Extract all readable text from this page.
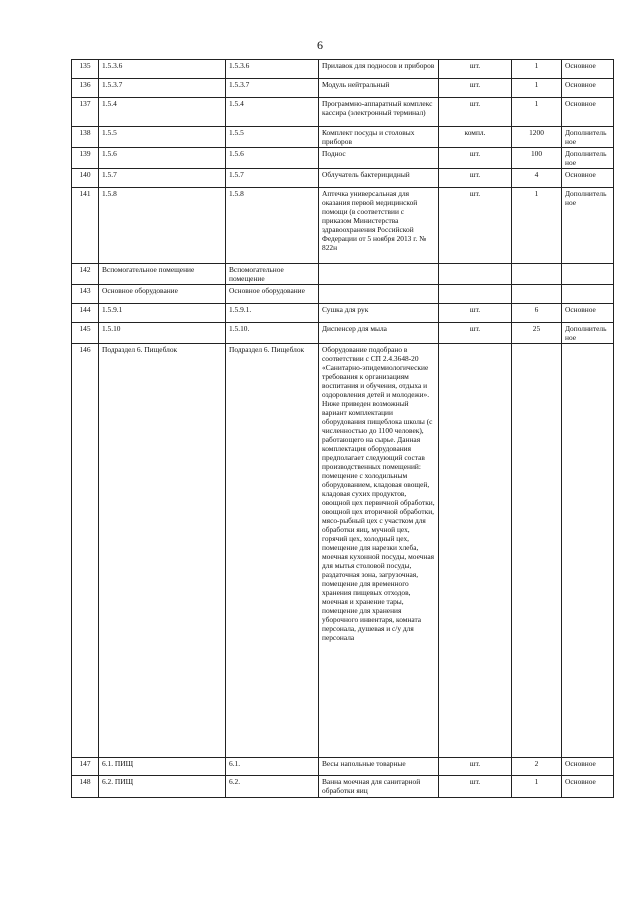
6
135	1.5.3.6	1.5.3.6	Прилавок для подносов и приборов	шт.	1	Основное
136	1.5.3.7	1.5.3.7	Модуль нейтральный	шт.	1	Основное
137	1.5.4	1.5.4	Программно-аппаратный комплекс кассира (электронный терминал)	шт.	1	Основное
138	1.5.5	1.5.5	Комплект посуды и столовых приборов	компл.	1200	Дополнительное
139	1.5.6	1.5.6	Поднос	шт.	100	Дополнительное
140	1.5.7	1.5.7	Облучатель бактерицидный	шт.	4	Основное
141	1.5.8	1.5.8	Аптечка универсальная для оказания первой медицинской помощи (в соответствии с приказом Министерства здравоохранения Российской Федерации от 5 ноября 2013 г. № 822н	шт.	1	Дополнительное
142	Вспомогательное помещение	Вспомогательное помещение				
143	Основное оборудование	Основное оборудование				
144	1.5.9.1	1.5.9.1.	Сушка для рук	шт.	6	Основное
145	1.5.10	1.5.10.	Диспенсер для мыла	шт.	25	Дополнительное
146	Подраздел 6. Пищеблок	Подраздел 6. Пищеблок	Оборудование подобрано в соответствии с СП 2.4.3648-20 «Санитарно-эпидемиологические требования к организациям воспитания и обучения, отдыха и оздоровления детей и молодежи». Ниже приведен возможный вариант комплектации оборудования пищеблока школы (с численностью до 1100 человек), работающего на сырье. Данная комплектация оборудования предполагает следующий состав производственных помещений: помещение с холодильным оборудованием, кладовая овощей, кладовая сухих продуктов, овощной цех первичной обработки, овощной цех вторичной обработки, мясо-рыбный цех с участком для обработки яиц, мучной цех, горячий цех, холодный цех, помещение для нарезки хлеба, моечная кухонной посуды, моечная для мытья столовой посуды, раздаточная зона, загрузочная, помещение для временного хранения пищевых отходов, моечная и хранение тары, помещение для хранения уборочного инвентаря, комната персонала, душевая и с/у для персонала			
147	6.1. ПИЩ	6.1.	Весы напольные товарные	шт.	2	Основное
148	6.2. ПИЩ	6.2.	Ванна моечная для санитарной обработки яиц	шт.	1	Основное
